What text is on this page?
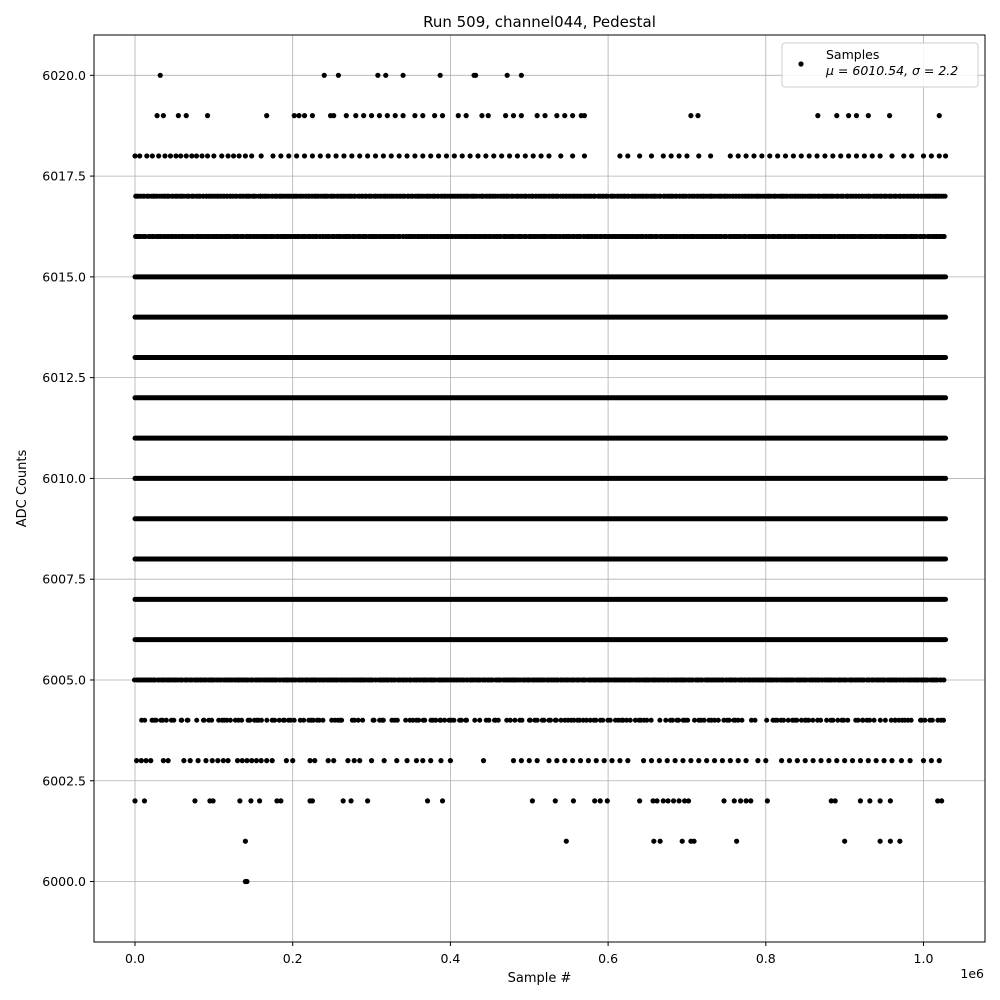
0.0	0.2	0.4	0.6	0.8	1.0
6000.0
6002.5
6005.0
6007.5
6010.0
6012.5
6015.0
6017.5
6020.0
Run 509, channel044, Pedestal
Sample #
ADC Counts
1e6
Samples
μ = 6010.54, σ = 2.2
